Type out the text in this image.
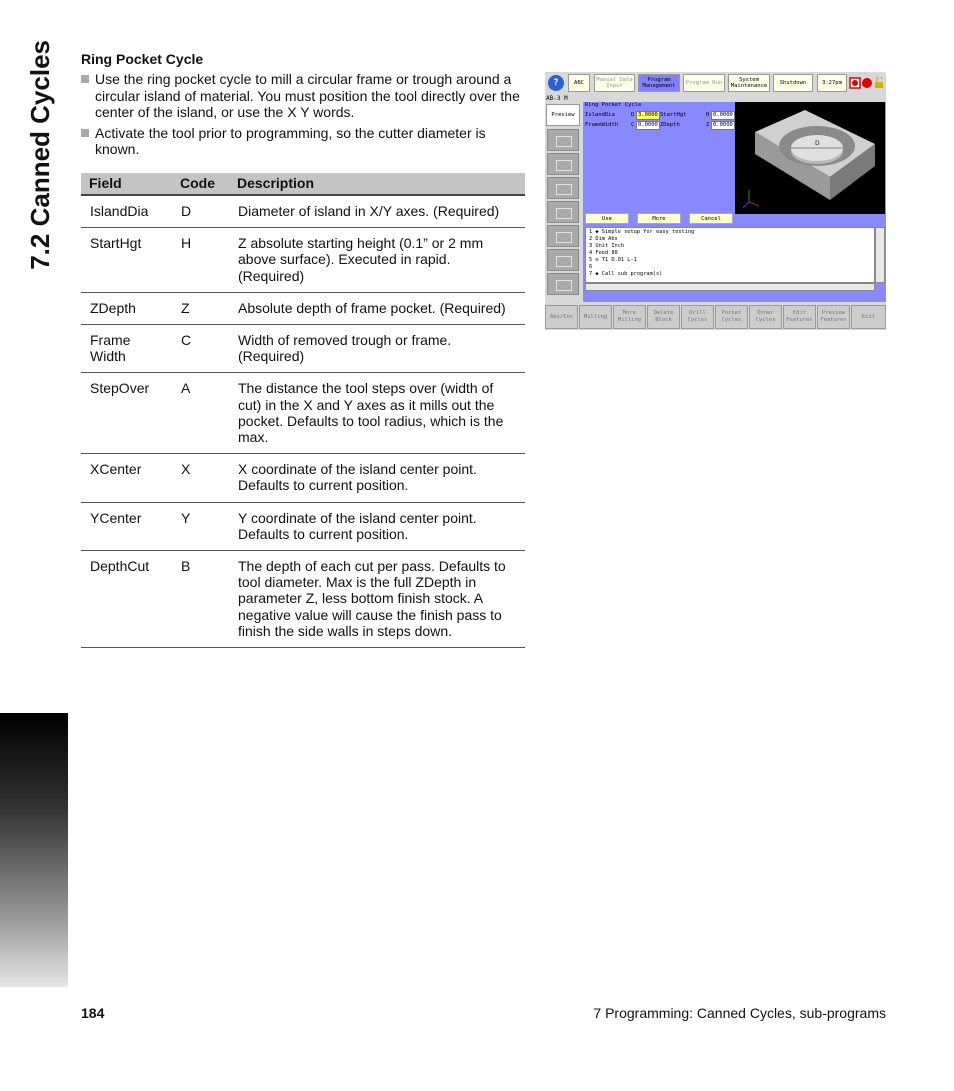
7.2 Canned Cycles	Ring Pocket Cycle
Use the ring pocket cycle to mill a circular frame or trough around a circular island of material. You must position the tool directly over the center of the island, or use the X Y words.
Activate the tool prior to programming, so the cutter diameter is known.
Field	Code	Description
IslandDia	D	Diameter of island in X/Y axes. (Required)
StartHgt	H	Z absolute starting height (0.1” or 2 mm above surface). Executed in rapid. (Required)
ZDepth	Z	Absolute depth of frame pocket. (Required)
Frame Width	C	Width of removed trough or frame. (Required)
StepOver	A	The distance the tool steps over (width of cut) in the X and Y axes as it mills out the pocket. Defaults to tool radius, which is the max.
XCenter	X	X coordinate of the island center point. Defaults to current position.
YCenter	Y	Y coordinate of the island center point. Defaults to current position.
DepthCut	B	The depth of each cut per pass. Defaults to tool diameter. Max is the full ZDepth in parameter Z, less bottom finish stock. A negative value will cause the finish pass to finish the side walls in steps down.
184	7 Programming: Canned Cycles, sub-programs
?	ABC	Manual Data Input
Program Management	Program Run	System Maintenance	Shutdown	3:27pm
AB-3 M
Preview
Ring Pocket Cycle
IslandDia	D 3.0000 StartHgt	H 0.0000
FrameWidth C 0.0000 ZDepth	Z 0.0000
D
Use	More	Cancel
1 ◆ Simple setup for easy testing
2 Dim Abs
3 Unit Inch
4 Feed 80
5 ⊙ T1 D.01 L-1
6
7 ◆ Call sub program(s)
Abs/Inc	Milling
More Milling
Delete Block
Drill Cycles
Pocket Cycles
Other Cycles
Edit Features
Preview Features
Exit
